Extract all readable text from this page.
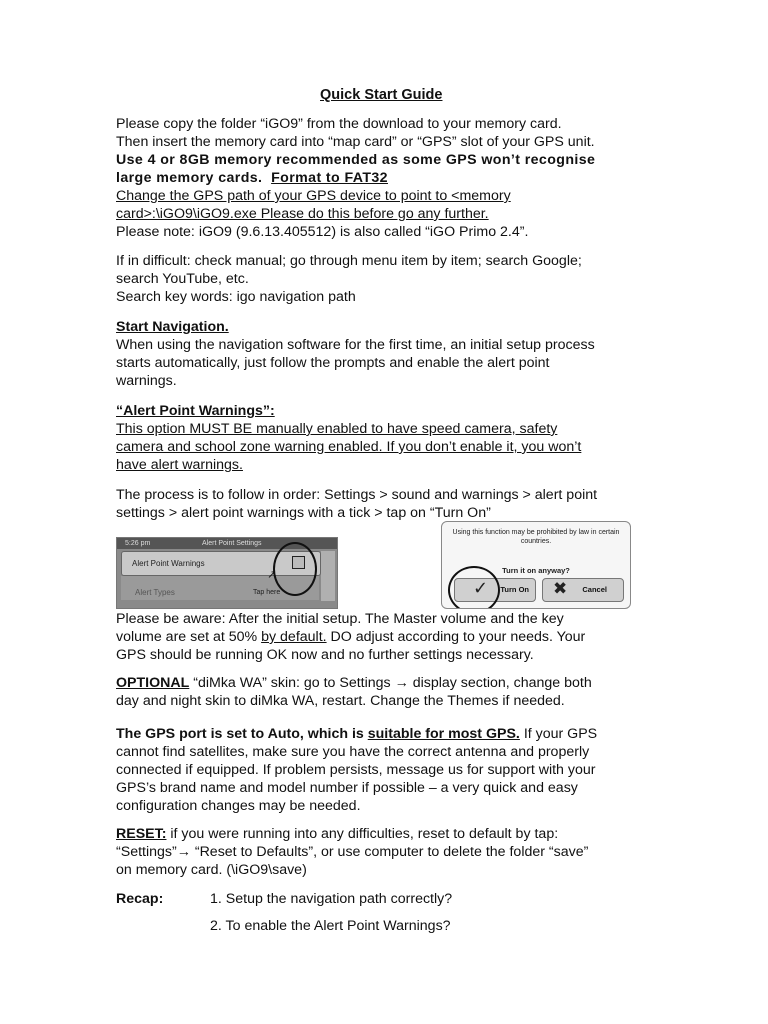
Quick Start Guide

Please copy the folder “iGO9” from the download to your memory card.

Then insert the memory card into “map card” or “GPS” slot of your GPS unit.

Use 4 or 8GB memory recommended as some GPS won’t recognise

large memory cards. Format to FAT32

Change the GPS path of your GPS device to point to <memory

card>:\iGO9\iGO9.exe Please do this before go any further.

Please note: iGO9 (9.6.13.405512) is also called “iGO Primo 2.4”.

If in difficult: check manual; go through menu item by item; search Google;

search YouTube, etc.

Search key words: igo navigation path

Start Navigation.

When using the navigation software for the first time, an initial setup process

starts automatically, just follow the prompts and enable the alert point

warnings.

“Alert Point Warnings”:

This option MUST BE manually enabled to have speed camera, safety

camera and school zone warning enabled. If you don’t enable it, you won’t

have alert warnings.

The process is to follow in order: Settings > sound and warnings > alert point

settings > alert point warnings with a tick > tap on “Turn On”

5:26 pm	Alert Point Settings
Alert Point Warnings
Alert Types	Tap here
↗
Using this function may be prohibited by law in certain countries.
Turn it on anyway?
✓ Turn On	✖ Cancel

Please be aware: After the initial setup. The Master volume and the key

volume are set at 50% by default. DO adjust according to your needs. Your

GPS should be running OK now and no further settings necessary.

OPTIONAL “diMka WA” skin: go to Settings → display section, change both

day and night skin to diMka WA, restart. Change the Themes if needed.

The GPS port is set to Auto, which is suitable for most GPS. If your GPS

cannot find satellites, make sure you have the correct antenna and properly

connected if equipped. If problem persists, message us for support with your

GPS’s brand name and model number if possible – a very quick and easy

configuration changes may be needed.

RESET: if you were running into any difficulties, reset to default by tap:

“Settings”→ “Reset to Defaults”, or use computer to delete the folder “save”

on memory card. (\iGO9\save)

Recap:	1. Setup the navigation path correctly?
2. To enable the Alert Point Warnings?
